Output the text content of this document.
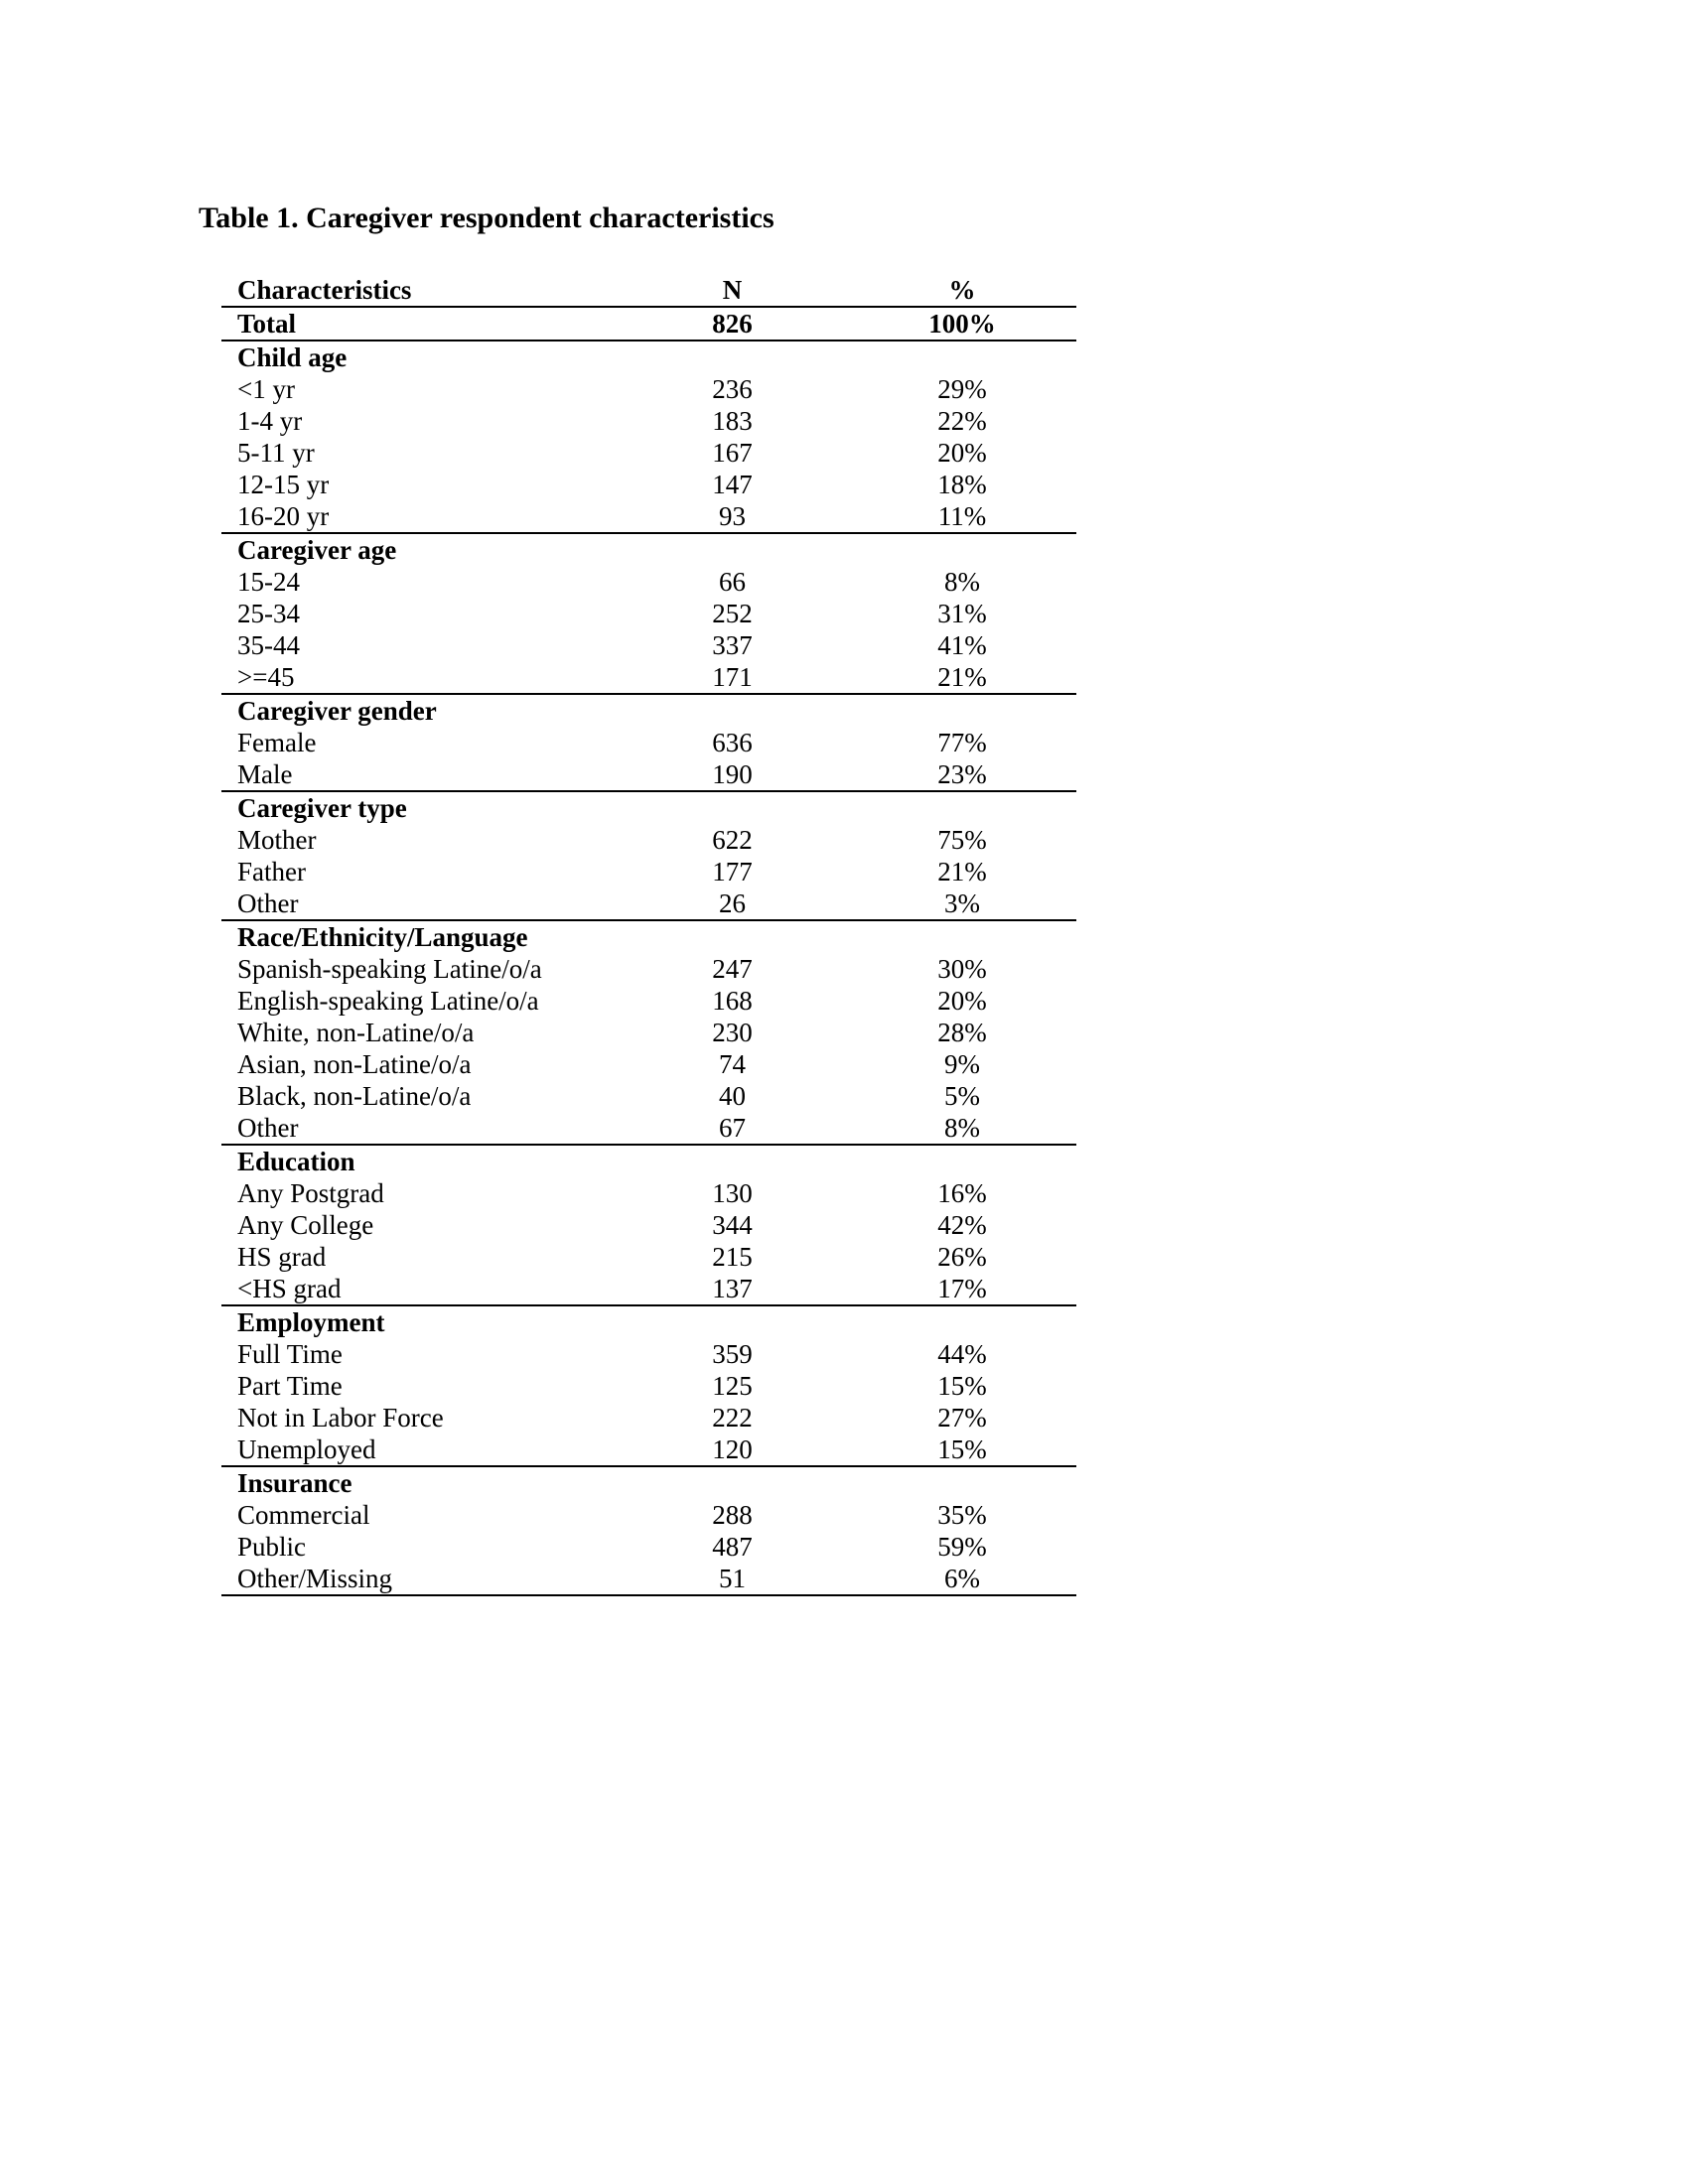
Table 1. Caregiver respondent characteristics
Characteristics	N	%
Total	826	100%
Child age		
<1 yr	236	29%
1-4 yr	183	22%
5-11 yr	167	20%
12-15 yr	147	18%
16-20 yr	93	11%
Caregiver age		
15-24	66	8%
25-34	252	31%
35-44	337	41%
>=45	171	21%
Caregiver gender		
Female	636	77%
Male	190	23%
Caregiver type		
Mother	622	75%
Father	177	21%
Other	26	3%
Race/Ethnicity/Language		
Spanish-speaking Latine/o/a	247	30%
English-speaking Latine/o/a	168	20%
White, non-Latine/o/a	230	28%
Asian, non-Latine/o/a	74	9%
Black, non-Latine/o/a	40	5%
Other	67	8%
Education		
Any Postgrad	130	16%
Any College	344	42%
HS grad	215	26%
<HS grad	137	17%
Employment		
Full Time	359	44%
Part Time	125	15%
Not in Labor Force	222	27%
Unemployed	120	15%
Insurance		
Commercial	288	35%
Public	487	59%
Other/Missing	51	6%
